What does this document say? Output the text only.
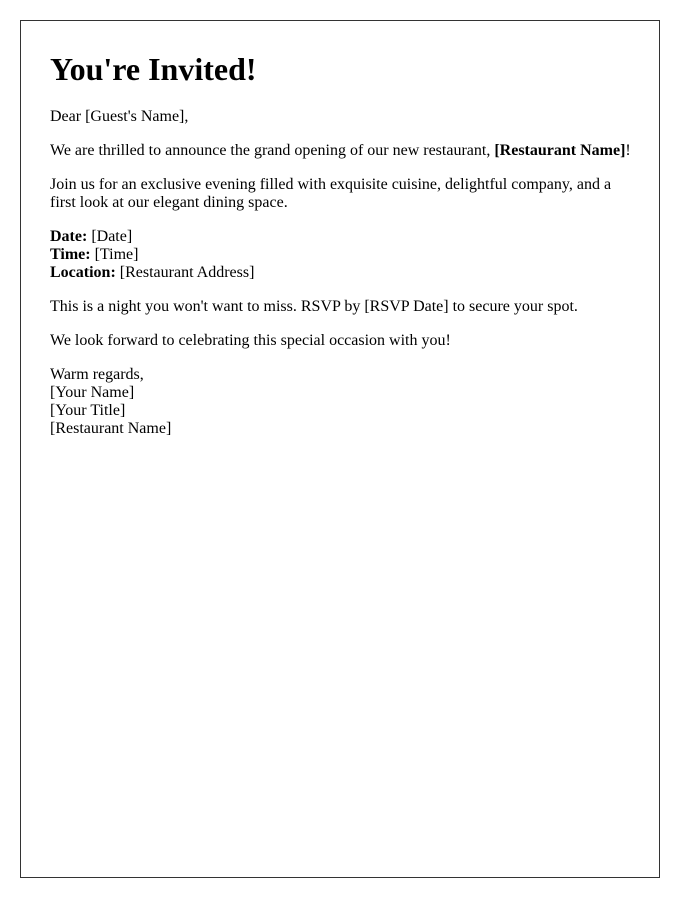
You're Invited!

Dear [Guest's Name],

We are thrilled to announce the grand opening of our new restaurant, [Restaurant Name]!

Join us for an exclusive evening filled with exquisite cuisine, delightful company, and a first look at our elegant dining space.

Date: [Date]
Time: [Time]
Location: [Restaurant Address]

This is a night you won't want to miss. RSVP by [RSVP Date] to secure your spot.

We look forward to celebrating this special occasion with you!

Warm regards,
[Your Name]
[Your Title]
[Restaurant Name]
